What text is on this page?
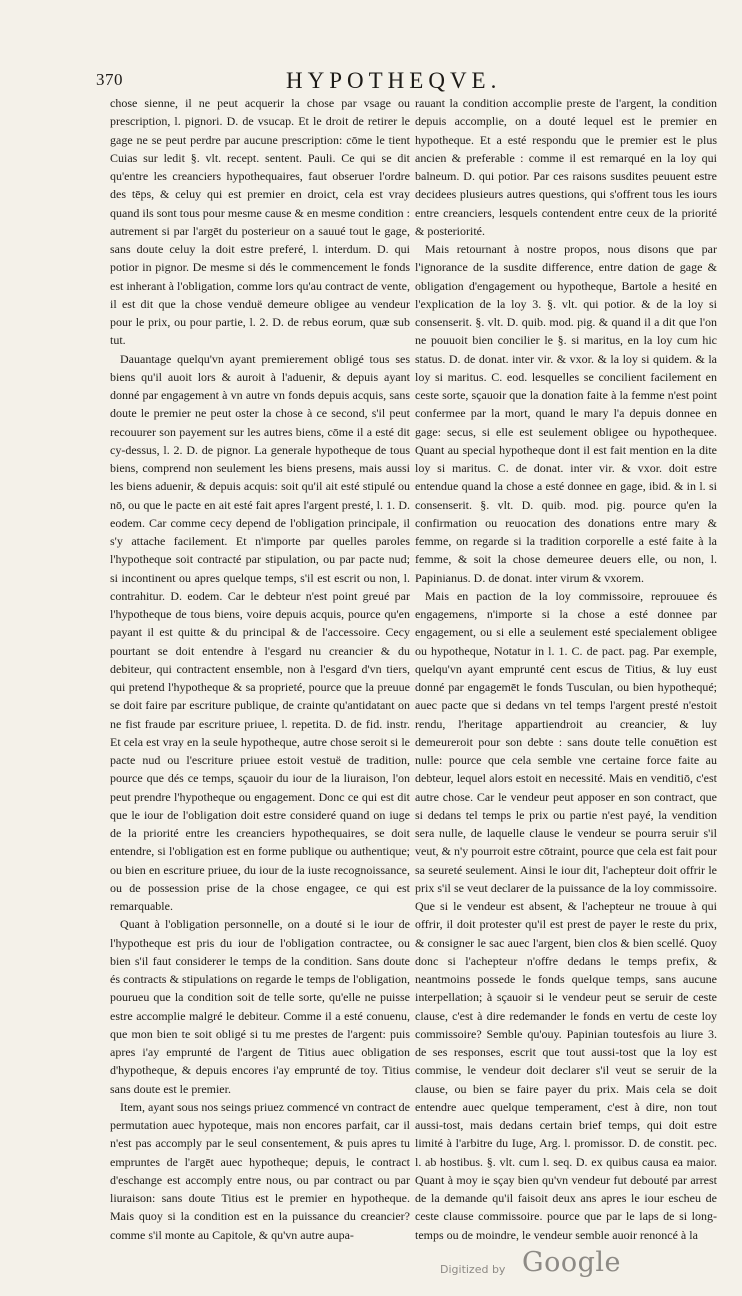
370	HYPOTHEQVE.

chose sienne, il ne peut acquerir la chose par vsage ou prescription, l. pignori. D. de vsucap. Et le droit de retirer le gage ne se peut perdre par aucune prescription: cōme le tient Cuias sur ledit §. vlt. recept. sentent. Pauli. Ce qui se dit qu'entre les creanciers hypothequaires, faut obseruer l'ordre des tēps, & celuy qui est premier en droict, cela est vray quand ils sont tous pour mesme cause & en mesme condition : autrement si par l'argēt du posterieur on a sauué tout le gage, sans doute celuy la doit estre preferé, l. interdum. D. qui potior in pignor. De mesme si dés le commencement le fonds est inherant à l'obligation, comme lors qu'au contract de vente, il est dit que la chose venduë demeure obligee au vendeur pour le prix, ou pour partie, l. 2. D. de rebus eorum, quæ sub tut.

Dauantage quelqu'vn ayant premierement obligé tous ses biens qu'il auoit lors & auroit à l'aduenir, & depuis ayant donné par engagement à vn autre vn fonds depuis acquis, sans doute le premier ne peut oster la chose à ce second, s'il peut recouurer son payement sur les autres biens, cōme il a esté dit cy-dessus, l. 2. D. de pignor. La generale hypotheque de tous biens, comprend non seulement les biens presens, mais aussi les biens aduenir, & depuis acquis: soit qu'il ait esté stipulé ou nō, ou que le pacte en ait esté fait apres l'argent presté, l. 1. D. eodem. Car comme cecy depend de l'obligation principale, il s'y attache facilement. Et n'importe par quelles paroles l'hypotheque soit contracté par stipulation, ou par pacte nud; si incontinent ou apres quelque temps, s'il est escrit ou non, l. contrahitur. D. eodem. Car le debteur n'est point greué par l'hypotheque de tous biens, voire depuis acquis, pource qu'en payant il est quitte & du principal & de l'accessoire. Cecy pourtant se doit entendre à l'esgard nu creancier & du debiteur, qui contractent ensemble, non à l'esgard d'vn tiers, qui pretend l'hypotheque & sa proprieté, pource que la preuue se doit faire par escriture publique, de crainte qu'antidatant on ne fist fraude par escriture priuee, l. repetita. D. de fid. instr. Et cela est vray en la seule hypotheque, autre chose seroit si le pacte nud ou l'escriture priuee estoit vestuë de tradition, pource que dés ce temps, sçauoir du iour de la liuraison, l'on peut prendre l'hypotheque ou engagement. Donc ce qui est dit que le iour de l'obligation doit estre consideré quand on iuge de la priorité entre les creanciers hypothequaires, se doit entendre, si l'obligation est en forme publique ou authentique; ou bien en escriture priuee, du iour de la iuste recognoissance, ou de possession prise de la chose engagee, ce qui est remarquable.

Quant à l'obligation personnelle, on a douté si le iour de l'hypotheque est pris du iour de l'obligation contractee, ou bien s'il faut considerer le temps de la condition. Sans doute és contracts & stipulations on regarde le temps de l'obligation, pourueu que la condition soit de telle sorte, qu'elle ne puisse estre accomplie malgré le debiteur. Comme il a esté conuenu, que mon bien te soit obligé si tu me prestes de l'argent: puis apres i'ay emprunté de l'argent de Titius auec obligation d'hypotheque, & depuis encores i'ay emprunté de toy. Titius sans doute est le premier.

Item, ayant sous nos seings priuez commencé vn contract de permutation auec hypoteque, mais non encores parfait, car il n'est pas accomply par le seul consentement, & puis apres tu empruntes de l'argēt auec hypotheque; depuis, le contract d'eschange est accomply entre nous, ou par contract ou par liuraison: sans doute Titius est le premier en hypotheque. Mais quoy si la condition est en la puissance du creancier? comme s'il monte au Capitole, & qu'vn autre aupa-

rauant la condition accomplie preste de l'argent, la condition depuis accomplie, on a douté lequel est le premier en hypotheque. Et a esté respondu que le premier est le plus ancien & preferable : comme il est remarqué en la loy qui balneum. D. qui potior. Par ces raisons susdites peuuent estre decidees plusieurs autres questions, qui s'offrent tous les iours entre creanciers, lesquels contendent entre ceux de la priorité & posteriorité.

Mais retournant à nostre propos, nous disons que par l'ignorance de la susdite difference, entre dation de gage & obligation d'engagement ou hypotheque, Bartole a hesité en l'explication de la loy 3. §. vlt. qui potior. & de la loy si consenserit. §. vlt. D. quib. mod. pig. & quand il a dit que l'on ne pouuoit bien concilier le §. si maritus, en la loy cum hic status. D. de donat. inter vir. & vxor. & la loy si quidem. & la loy si maritus. C. eod. lesquelles se concilient facilement en ceste sorte, sçauoir que la donation faite à la femme n'est point confermee par la mort, quand le mary l'a depuis donnee en gage: secus, si elle est seulement obligee ou hypothequee. Quant au special hypotheque dont il est fait mention en la dite loy si maritus. C. de donat. inter vir. & vxor. doit estre entendue quand la chose a esté donnee en gage, ibid. & in l. si consenserit. §. vlt. D. quib. mod. pig. pource qu'en la confirmation ou reuocation des donations entre mary & femme, on regarde si la tradition corporelle a esté faite à la femme, & soit la chose demeuree deuers elle, ou non, l. Papinianus. D. de donat. inter virum & vxorem.

Mais en paction de la loy commissoire, reprouuee és engagemens, n'importe si la chose a esté donnee par engagement, ou si elle a seulement esté specialement obligee ou hypotheque, Notatur in l. 1. C. de pact. pag. Par exemple, quelqu'vn ayant emprunté cent escus de Titius, & luy eust donné par engagemēt le fonds Tusculan, ou bien hypothequé; auec pacte que si dedans vn tel temps l'argent presté n'estoit rendu, l'heritage appartiendroit au creancier, & luy demeureroit pour son debte : sans doute telle conuētion est nulle: pource que cela semble vne certaine force faite au debteur, lequel alors estoit en necessité. Mais en venditiō, c'est autre chose. Car le vendeur peut apposer en son contract, que si dedans tel temps le prix ou partie n'est payé, la vendition sera nulle, de laquelle clause le vendeur se pourra seruir s'il veut, & n'y pourroit estre cōtraint, pource que cela est fait pour sa seureté seulement. Ainsi le iour dit, l'achepteur doit offrir le prix s'il se veut declarer de la puissance de la loy commissoire. Que si le vendeur est absent, & l'achepteur ne trouue à qui offrir, il doit protester qu'il est prest de payer le reste du prix, & consigner le sac auec l'argent, bien clos & bien scellé. Quoy donc si l'achepteur n'offre dedans le temps prefix, & neantmoins possede le fonds quelque temps, sans aucune interpellation; à sçauoir si le vendeur peut se seruir de ceste clause, c'est à dire redemander le fonds en vertu de ceste loy commissoire? Semble qu'ouy. Papinian toutesfois au liure 3. de ses responses, escrit que tout aussi-tost que la loy est commise, le vendeur doit declarer s'il veut se seruir de la clause, ou bien se faire payer du prix. Mais cela se doit entendre auec quelque temperament, c'est à dire, non tout aussi-tost, mais dedans certain brief temps, qui doit estre limité à l'arbitre du Iuge, Arg. l. promissor. D. de constit. pec. l. ab hostibus. §. vlt. cum l. seq. D. ex quibus causa ea maior. Quant à moy ie sçay bien qu'vn vendeur fut debouté par arrest de la demande qu'il faisoit deux ans apres le iour escheu de ceste clause commissoire. pource que par le laps de si long-temps ou de moindre, le vendeur semble auoir renoncé à la

Digitized by Google
